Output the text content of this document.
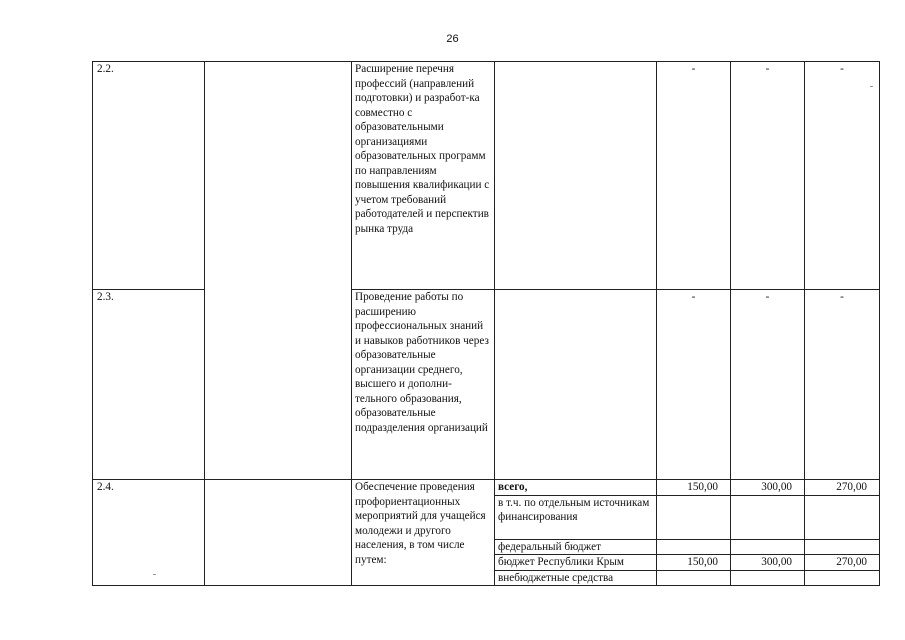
26
2.2.		Расширение перечня профессий (направлений подготовки) и разработ-ка совместно с образовательными организациями образовательных программ по направлениям повышения квалификации с учетом требований работодателей и перспектив рынка труда		-	-	-
2.3.		Проведение работы по расширению профессиональных знаний и навыков работников через образовательные организации среднего, высшего и дополни-тельного образования, образовательные подразделения организаций		-	-	-
2.4.		Обеспечение проведения профориентационных мероприятий для учащейся молодежи и другого населения, в том числе путем:	всего,	150,00	300,00	270,00
			в т.ч. по отдельным источникам финансирования			
			федеральный бюджет			
			бюджет Республики Крым	150,00	300,00	270,00
			внебюджетные средства			
